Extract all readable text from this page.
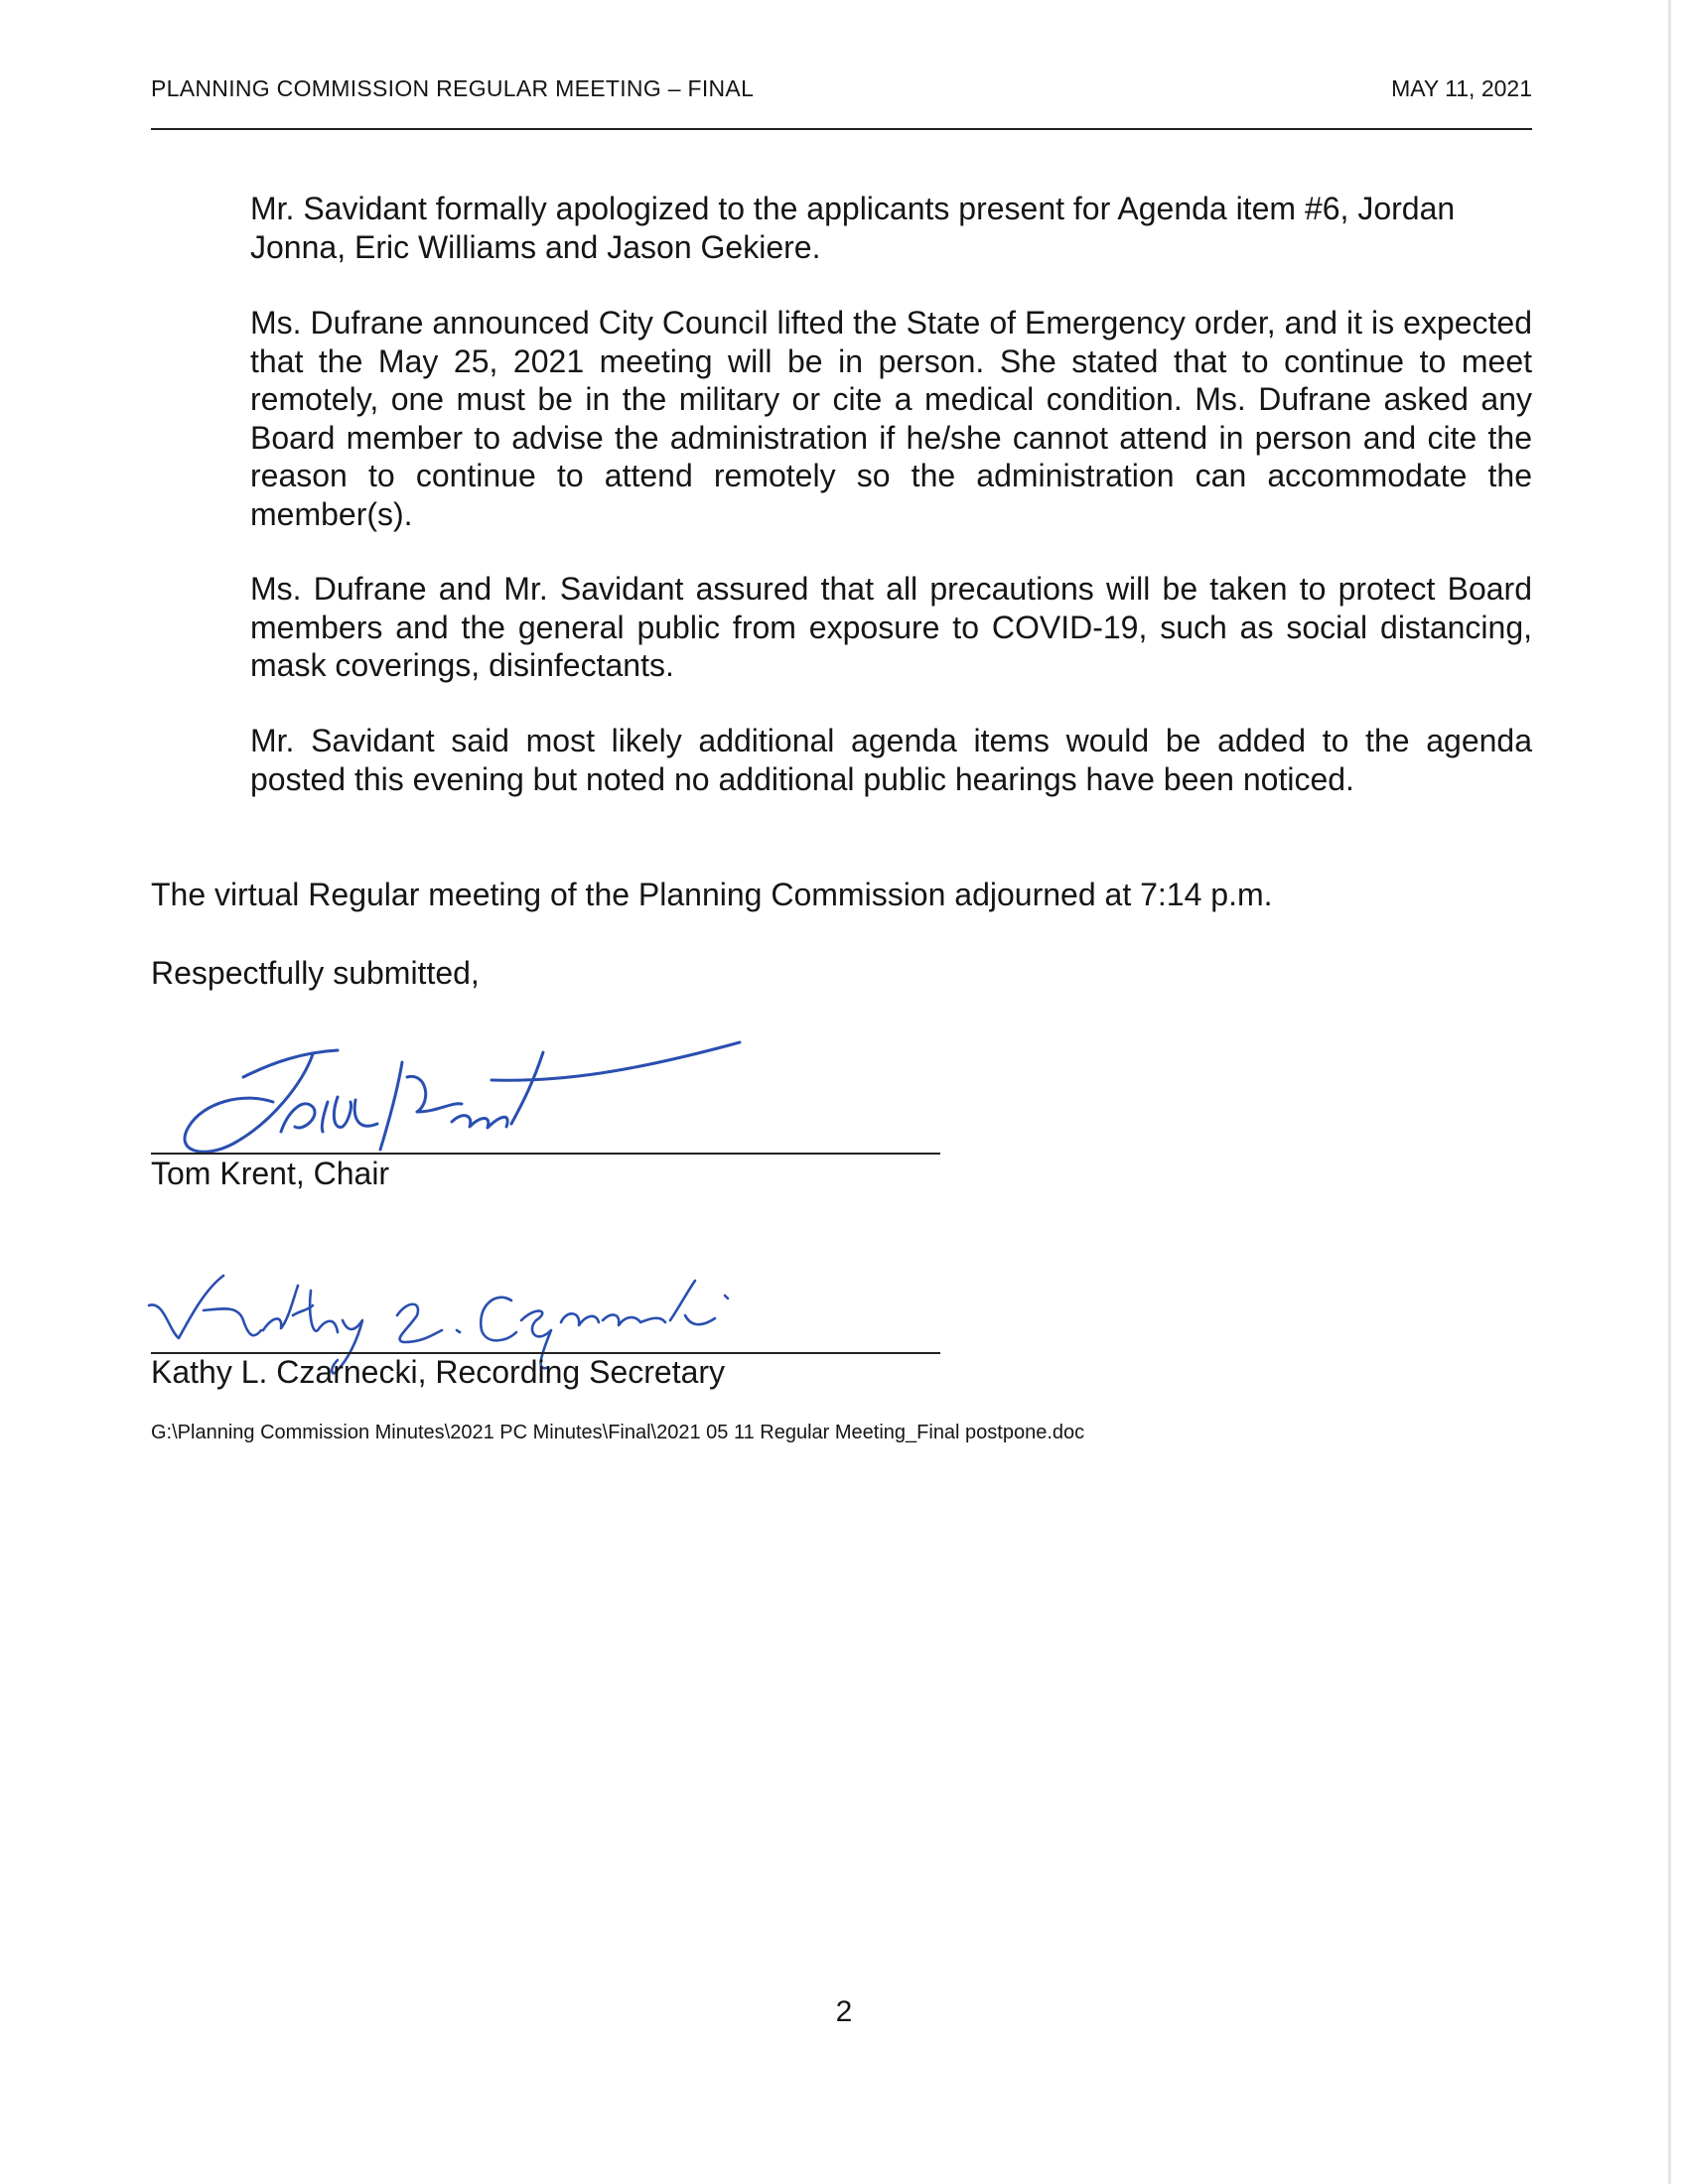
PLANNING COMMISSION REGULAR MEETING – FINAL	MAY 11, 2021

Mr. Savidant formally apologized to the applicants present for Agenda item #6, Jordan Jonna, Eric Williams and Jason Gekiere.

Ms. Dufrane announced City Council lifted the State of Emergency order, and it is expected that the May 25, 2021 meeting will be in person. She stated that to continue to meet remotely, one must be in the military or cite a medical condition. Ms. Dufrane asked any Board member to advise the administration if he/she cannot attend in person and cite the reason to continue to attend remotely so the administration can accommodate the member(s).

Ms. Dufrane and Mr. Savidant assured that all precautions will be taken to protect Board members and the general public from exposure to COVID-19, such as social distancing, mask coverings, disinfectants.

Mr. Savidant said most likely additional agenda items would be added to the agenda posted this evening but noted no additional public hearings have been noticed.

The virtual Regular meeting of the Planning Commission adjourned at 7:14 p.m.

Respectfully submitted,

Tom Krent, Chair
Kathy L. Czarnecki, Recording Secretary
G:\Planning Commission Minutes\2021 PC Minutes\Final\2021 05 11 Regular Meeting_Final postpone.doc
2
